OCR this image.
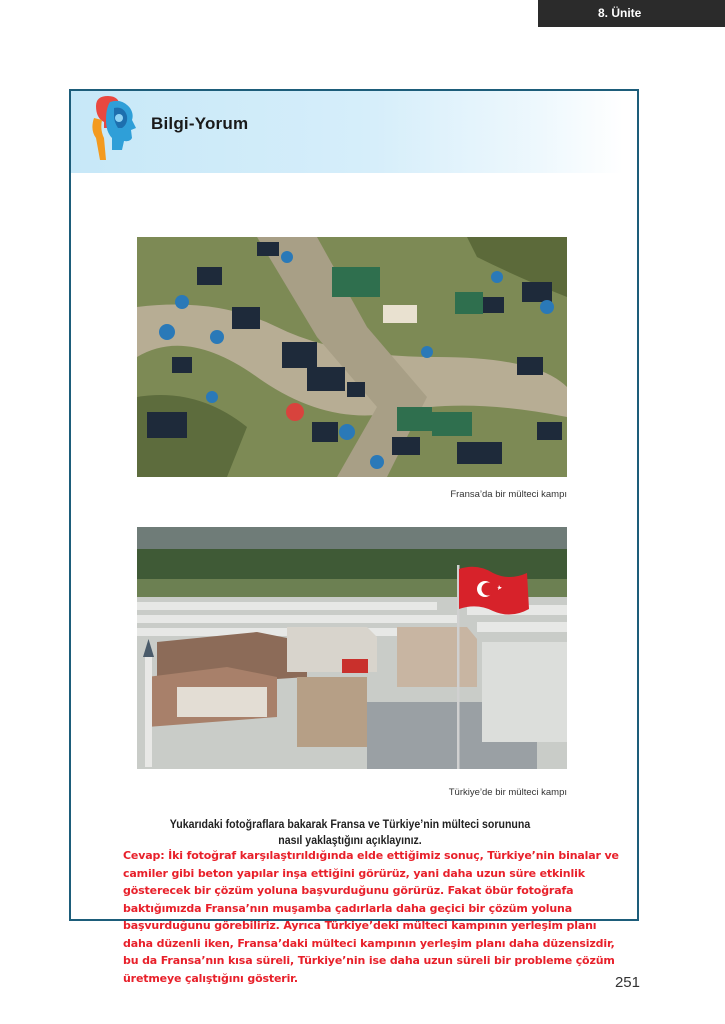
8. Ünite
Bilgi-Yorum
Fransa’da bir mülteci kampı
Türkiye’de bir mülteci kampı
Yukarıdaki fotoğraflara bakarak Fransa ve Türkiye’nin mülteci sorununa nasıl yaklaştığını açıklayınız.
Cevap: İki fotoğraf karşılaştırıldığında elde ettiğimiz sonuç, Türkiye’nin binalar ve camiler gibi beton yapılar inşa ettiğini görürüz, yani daha uzun süre etkinlik gösterecek bir çözüm yoluna başvurduğunu görürüz. Fakat öbür fotoğrafa baktığımızda Fransa’nın muşamba çadırlarla daha geçici bir çözüm yoluna başvurduğunu görebiliriz. Ayrıca Türkiye’deki mülteci kampının yerleşim planı daha düzenli iken, Fransa’daki mülteci kampının yerleşim planı daha düzensizdir, bu da Fransa’nın kısa süreli, Türkiye’nin ise daha uzun süreli bir probleme çözüm üretmeye çalıştığını gösterir.	251
